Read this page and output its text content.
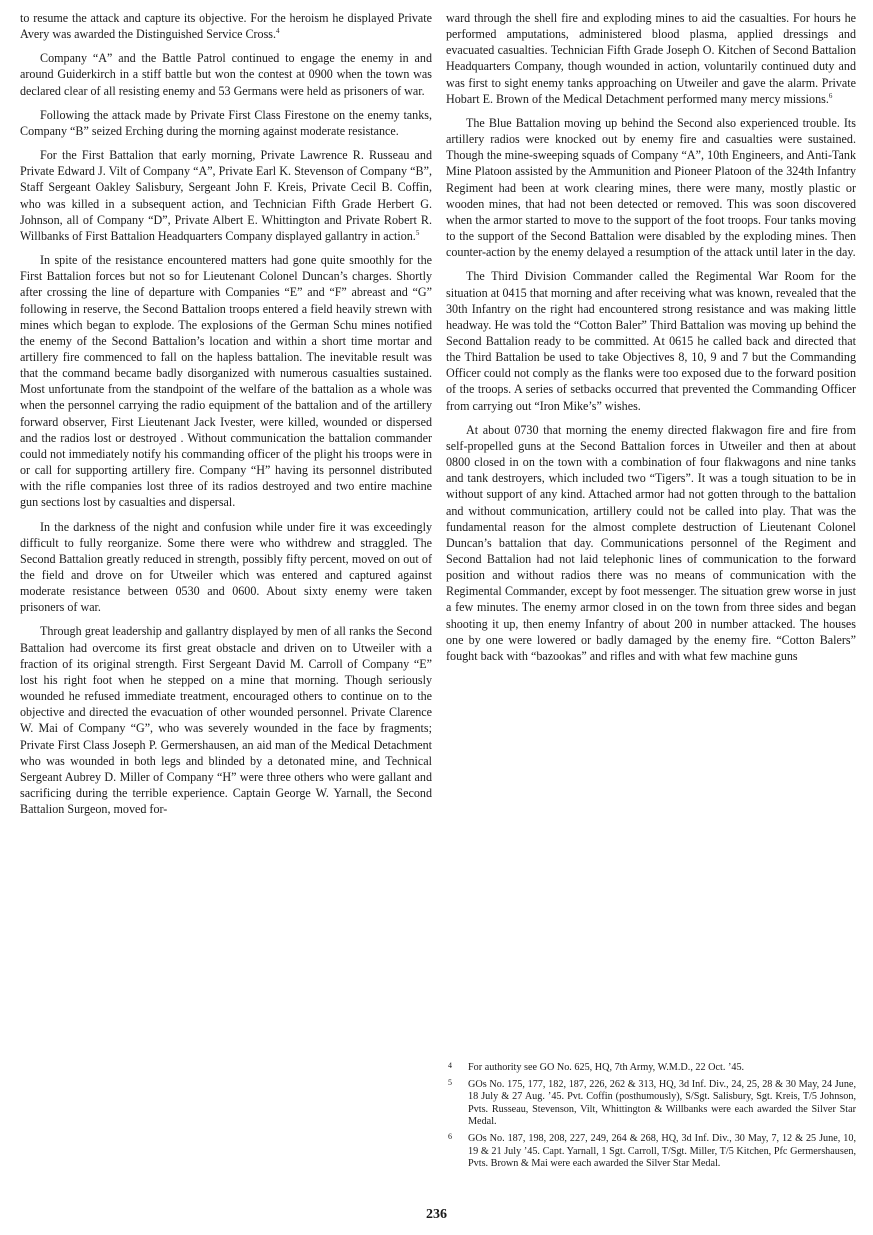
to resume the attack and capture its objective. For the heroism he displayed Private Avery was awarded the Distinguished Service Cross.$^4$

Company “A” and the Battle Patrol continued to engage the enemy in and around Guiderkirch in a stiff battle but won the contest at 0900 when the town was declared clear of all resisting enemy and 53 Germans were held as prisoners of war.

Following the attack made by Private First Class Firestone on the enemy tanks, Company “B” seized Erching during the morning against moderate resistance.

For the First Battalion that early morning, Private Lawrence R. Russeau and Private Edward J. Vilt of Company “A”, Private Earl K. Stevenson of Company “B”, Staff Sergeant Oakley Salisbury, Sergeant John F. Kreis, Private Cecil B. Coffin, who was killed in a subsequent action, and Technician Fifth Grade Herbert G. Johnson, all of Company “D”, Private Albert E. Whittington and Private Robert R. Willbanks of First Battalion Headquarters Company displayed gallantry in action.$^5$

In spite of the resistance encountered matters had gone quite smoothly for the First Battalion forces but not so for Lieutenant Colonel Duncan’s charges. Shortly after crossing the line of departure with Companies “E” and “F” abreast and “G” following in reserve, the Second Battalion troops entered a field heavily strewn with mines which began to explode. The explosions of the German Schu mines notified the enemy of the Second Battalion’s location and within a short time mortar and artillery fire commenced to fall on the hapless battalion. The inevitable result was that the command became badly disorganized with numerous casualties sustained. Most unfortunate from the standpoint of the welfare of the battalion as a whole was when the personnel carrying the radio equipment of the battalion and of the artillery forward observer, First Lieutenant Jack Ivester, were killed, wounded or dispersed and the radios lost or destroyed . Without communication the battalion commander could not immediately notify his commanding officer of the plight his troops were in or call for supporting artillery fire. Company “H” having its personnel distributed with the rifle companies lost three of its radios destroyed and two entire machine gun sections lost by casualties and dispersal.

In the darkness of the night and confusion while under fire it was exceedingly difficult to fully reorganize. Some there were who withdrew and straggled. The Second Battalion greatly reduced in strength, possibly fifty percent, moved on out of the field and drove on for Utweiler which was entered and captured against moderate resistance between 0530 and 0600. About sixty enemy were taken prisoners of war.

Through great leadership and gallantry displayed by men of all ranks the Second Battalion had overcome its first great obstacle and driven on to Utweiler with a fraction of its original strength. First Sergeant David M. Carroll of Company “E” lost his right foot when he stepped on a mine that morning. Though seriously wounded he refused immediate treatment, encouraged others to continue on to the objective and directed the evacuation of other wounded personnel. Private Clarence W. Mai of Company “G”, who was severely wounded in the face by fragments; Private First Class Joseph P. Germershausen, an aid man of the Medical Detachment who was wounded in both legs and blinded by a detonated mine, and Technical Sergeant Aubrey D. Miller of Company “H” were three others who were gallant and sacrificing during the terrible experience. Captain George W. Yarnall, the Second Battalion Surgeon, moved for-

ward through the shell fire and exploding mines to aid the casualties. For hours he performed amputations, administered blood plasma, applied dressings and evacuated casualties. Technician Fifth Grade Joseph O. Kitchen of Second Battalion Headquarters Company, though wounded in action, voluntarily continued duty and was first to sight enemy tanks approaching on Utweiler and gave the alarm. Private Hobart E. Brown of the Medical Detachment performed many mercy missions.$^6$

The Blue Battalion moving up behind the Second also experienced trouble. Its artillery radios were knocked out by enemy fire and casualties were sustained. Though the mine-sweeping squads of Company “A”, 10th Engineers, and Anti-Tank Mine Platoon assisted by the Ammunition and Pioneer Platoon of the 324th Infantry Regiment had been at work clearing mines, there were many, mostly plastic or wooden mines, that had not been detected or removed. This was soon discovered when the armor started to move to the support of the foot troops. Four tanks moving to the support of the Second Battalion were disabled by the exploding mines. Then counter-action by the enemy delayed a resumption of the attack until later in the day.

The Third Division Commander called the Regimental War Room for the situation at 0415 that morning and after receiving what was known, revealed that the 30th Infantry on the right had encountered strong resistance and was making little headway. He was told the “Cotton Baler” Third Battalion was moving up behind the Second Battalion ready to be committed. At 0615 he called back and directed that the Third Battalion be used to take Objectives 8, 10, 9 and 7 but the Commanding Officer could not comply as the flanks were too exposed due to the forward position of the troops. A series of setbacks occurred that prevented the Commanding Officer from carrying out “Iron Mike’s” wishes.

At about 0730 that morning the enemy directed flakwagon fire and fire from self-propelled guns at the Second Battalion forces in Utweiler and then at about 0800 closed in on the town with a combination of four flakwagons and nine tanks and tank destroyers, which included two “Tigers”. It was a tough situation to be in without support of any kind. Attached armor had not gotten through to the battalion and without communication, artillery could not be called into play. That was the fundamental reason for the almost complete destruction of Lieutenant Colonel Duncan’s battalion that day. Communications personnel of the Regiment and Second Battalion had not laid telephonic lines of communication to the forward position and without radios there was no means of communication with the Regimental Commander, except by foot messenger. The situation grew worse in just a few minutes. The enemy armor closed in on the town from three sides and began shooting it up, then enemy Infantry of about 200 in number attacked. The houses one by one were lowered or badly damaged by the enemy fire. “Cotton Balers” fought back with “bazookas” and rifles and with what few machine guns

4 For authority see GO No. 625, HQ, 7th Army, W.M.D., 22 Oct. ’45.
5 GOs No. 175, 177, 182, 187, 226, 262 & 313, HQ, 3d Inf. Div., 24, 25, 28 & 30 May, 24 June, 18 July & 27 Aug. ’45. Pvt. Coffin (posthumously), S/Sgt. Salisbury, Sgt. Kreis, T/5 Johnson, Pvts. Russeau, Stevenson, Vilt, Whittington & Willbanks were each awarded the Silver Star Medal.
6 GOs No. 187, 198, 208, 227, 249, 264 & 268, HQ, 3d Inf. Div., 30 May, 7, 12 & 25 June, 10, 19 & 21 July ’45. Capt. Yarnall, 1 Sgt. Carroll, T/Sgt. Miller, T/5 Kitchen, Pfc Germershausen, Pvts. Brown & Mai were each awarded the Silver Star Medal.
236
